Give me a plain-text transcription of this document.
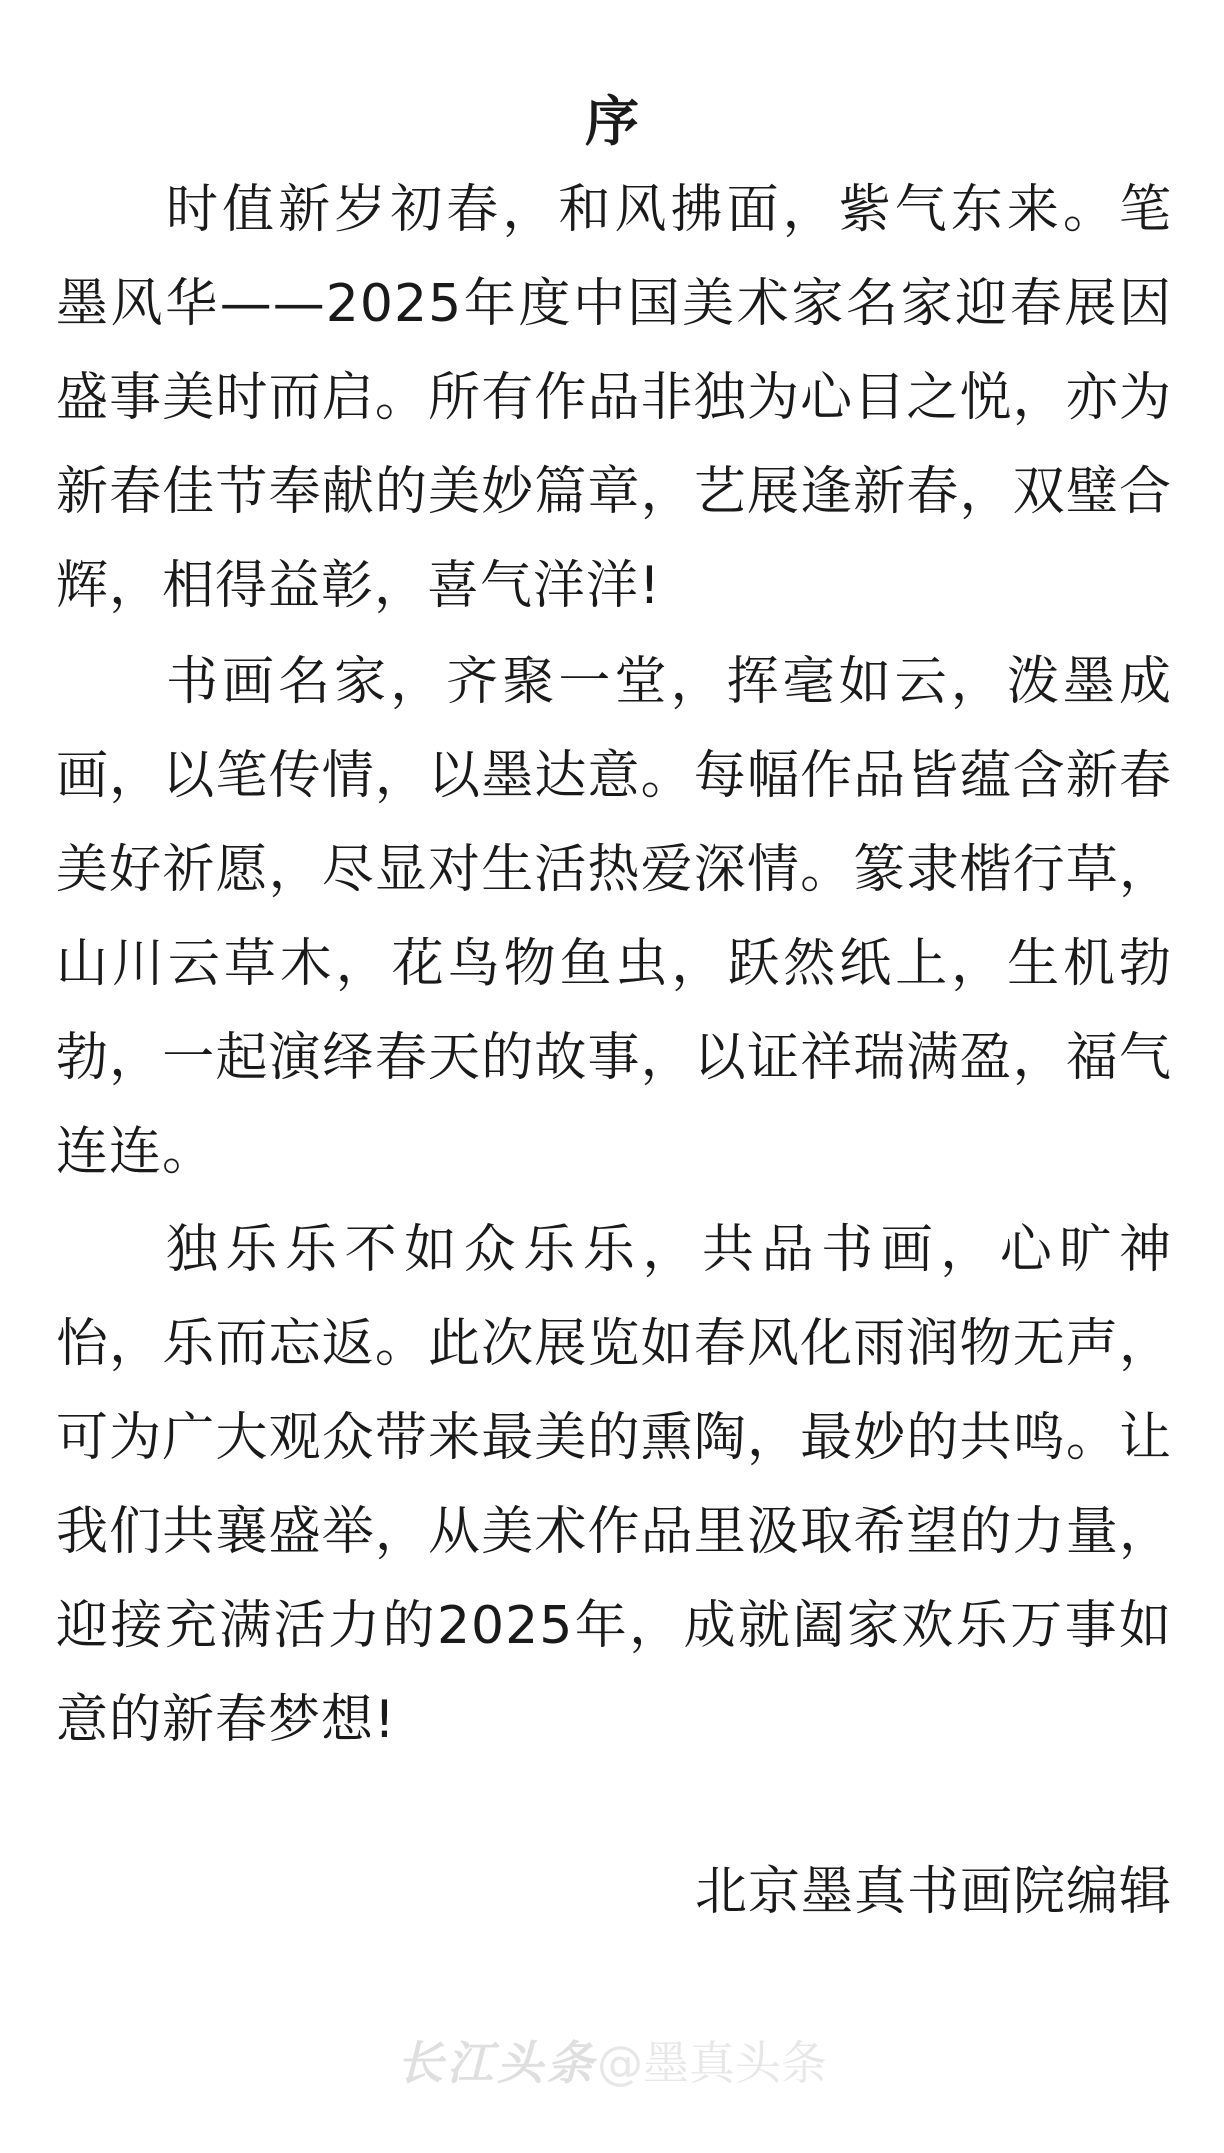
序
时值新岁初春，和风拂面，紫气东来。笔墨风华——2025年度中国美术家名家迎春展因盛事美时而启。所有作品非独为心目之悦，亦为新春佳节奉献的美妙篇章，艺展逢新春，双璧合辉，相得益彰，喜气洋洋!
书画名家，齐聚一堂，挥毫如云，泼墨成画，以笔传情，以墨达意。每幅作品皆蕴含新春美好祈愿，尽显对生活热爱深情。篆隶楷行草，山川云草木，花鸟物鱼虫，跃然纸上，生机勃勃，一起演绎春天的故事，以证祥瑞满盈，福气连连。
独乐乐不如众乐乐，共品书画，心旷神怡，乐而忘返。此次展览如春风化雨润物无声，可为广大观众带来最美的熏陶，最妙的共鸣。让我们共襄盛举，从美术作品里汲取希望的力量，迎接充满活力的2025年，成就阖家欢乐万事如意的新春梦想!
北京墨真书画院编辑
长江头条@墨真头条
